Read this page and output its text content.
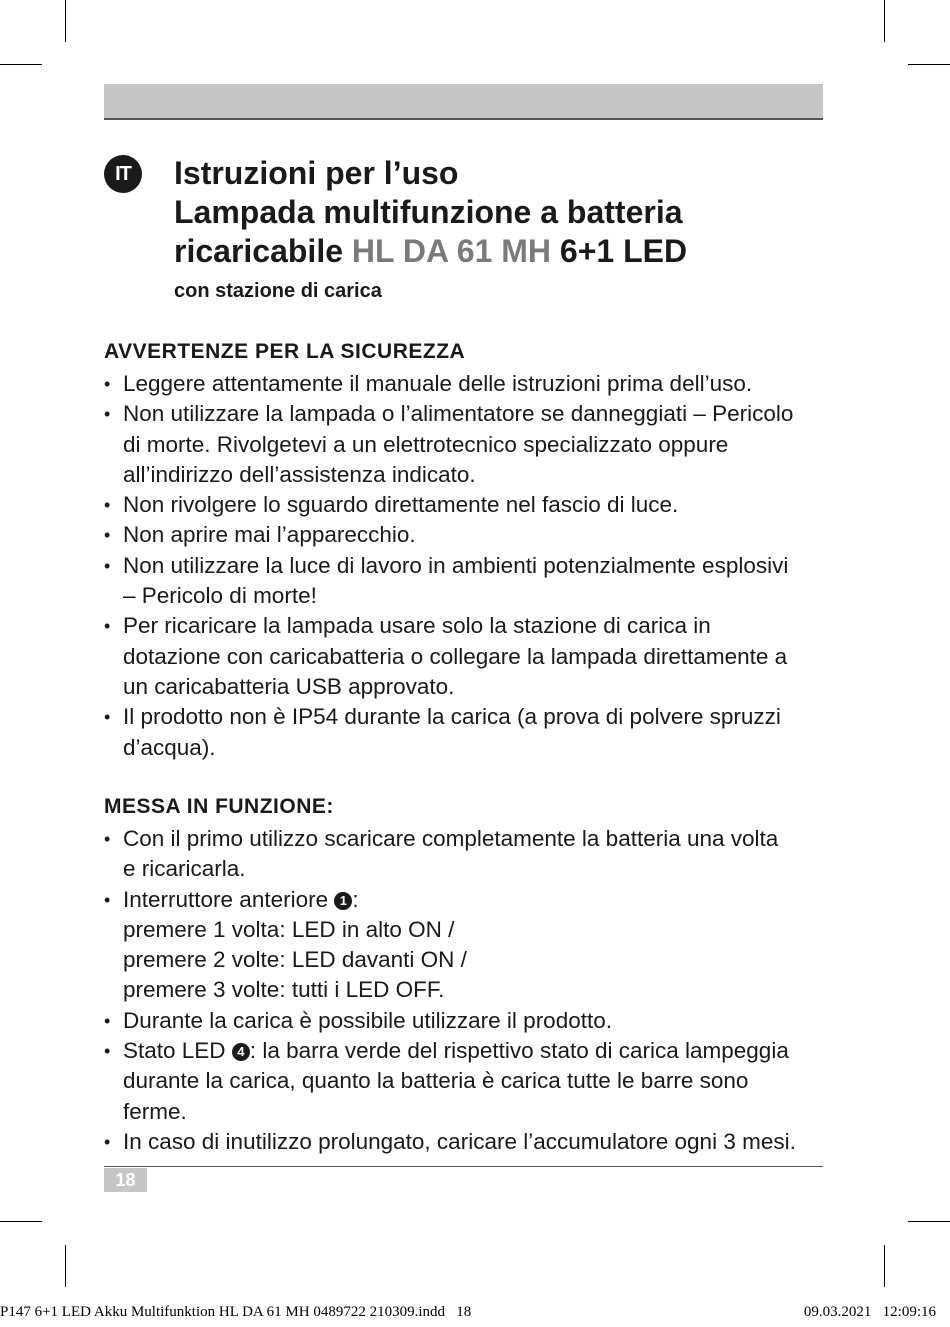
IT	Istruzioni per l’uso
Lampada multifunzione a batteria
ricaricabile HL DA 61 MH 6+1 LED
con stazione di carica
AVVERTENZE PER LA SICUREZZA
• Leggere attentamente il manuale delle istruzioni prima dell’uso.
• Non utilizzare la lampada o l’alimentatore se danneggiati – Pericolo
di morte. Rivolgetevi a un elettrotecnico specializzato oppure
all’indirizzo dell’assistenza indicato.
• Non rivolgere lo sguardo direttamente nel fascio di luce.
• Non aprire mai l’apparecchio.
• Non utilizzare la luce di lavoro in ambienti potenzialmente esplosivi
– Pericolo di morte!
• Per ricaricare la lampada usare solo la stazione di carica in
dotazione con caricabatteria o collegare la lampada direttamente a
un caricabatteria USB approvato.
• Il prodotto non è IP54 durante la carica (a prova di polvere spruzzi
d’acqua).
MESSA IN FUNZIONE:
• Con il primo utilizzo scaricare completamente la batteria una volta
e ricaricarla.
• Interruttore anteriore 1 :
premere 1 volta: LED in alto ON /
premere 2 volte: LED davanti ON /
premere 3 volte: tutti i LED OFF.
• Durante la carica è possibile utilizzare il prodotto.
• Stato LED 4 : la barra verde del rispettivo stato di carica lampeggia
durante la carica, quanto la batteria è carica tutte le barre sono
ferme.
• In caso di inutilizzo prolungato, caricare l’accumulatore ogni 3 mesi.
18
P147 6+1 LED Akku Multifunktion HL DA 61 MH 0489722 210309.indd   18	09.03.2021   12:09:16
